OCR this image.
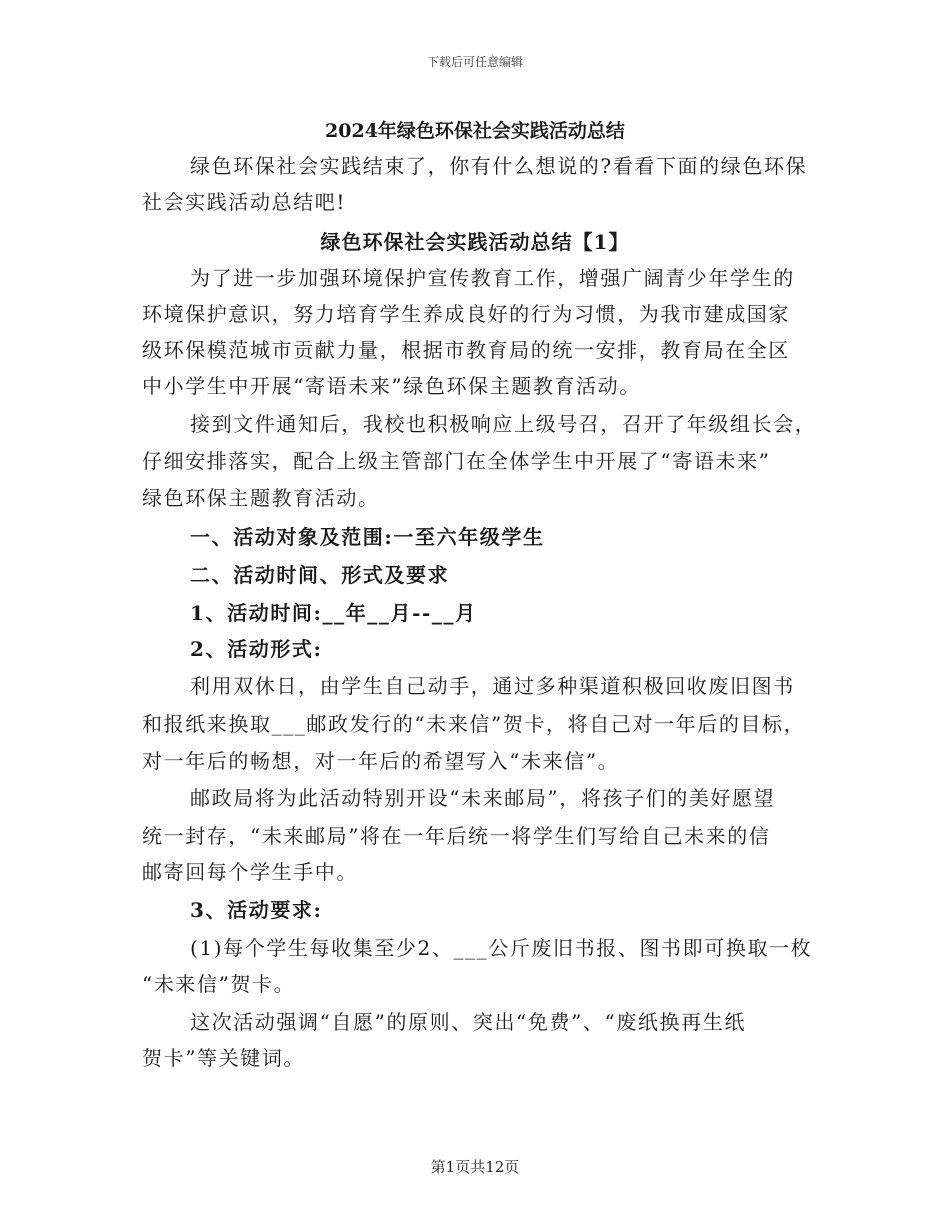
下载后可任意编辑
2024年绿色环保社会实践活动总结
绿色环保社会实践结束了，你有什么想说的?看看下面的绿色环保
社会实践活动总结吧!
绿色环保社会实践活动总结【1】
为了进一步加强环境保护宣传教育工作，增强广阔青少年学生的
环境保护意识，努力培育学生养成良好的行为习惯，为我市建成国家
级环保模范城市贡献力量，根据市教育局的统一安排，教育局在全区
中小学生中开展“寄语未来”绿色环保主题教育活动。
接到文件通知后，我校也积极响应上级号召，召开了年级组长会，
仔细安排落实，配合上级主管部门在全体学生中开展了“寄语未来”
绿色环保主题教育活动。
一、活动对象及范围:一至六年级学生
二、活动时间、形式及要求
1、活动时间:__年__月--__月
2、活动形式:
利用双休日，由学生自己动手，通过多种渠道积极回收废旧图书
和报纸来换取___邮政发行的“未来信”贺卡，将自己对一年后的目标，
对一年后的畅想，对一年后的希望写入“未来信”。
邮政局将为此活动特别开设“未来邮局”，将孩子们的美好愿望
统一封存，“未来邮局”将在一年后统一将学生们写给自己未来的信
邮寄回每个学生手中。
3、活动要求:
(1)每个学生每收集至少2、___公斤废旧书报、图书即可换取一枚
“未来信”贺卡。
这次活动强调“自愿”的原则、突出“免费”、“废纸换再生纸
贺卡”等关键词。
第1页共12页
